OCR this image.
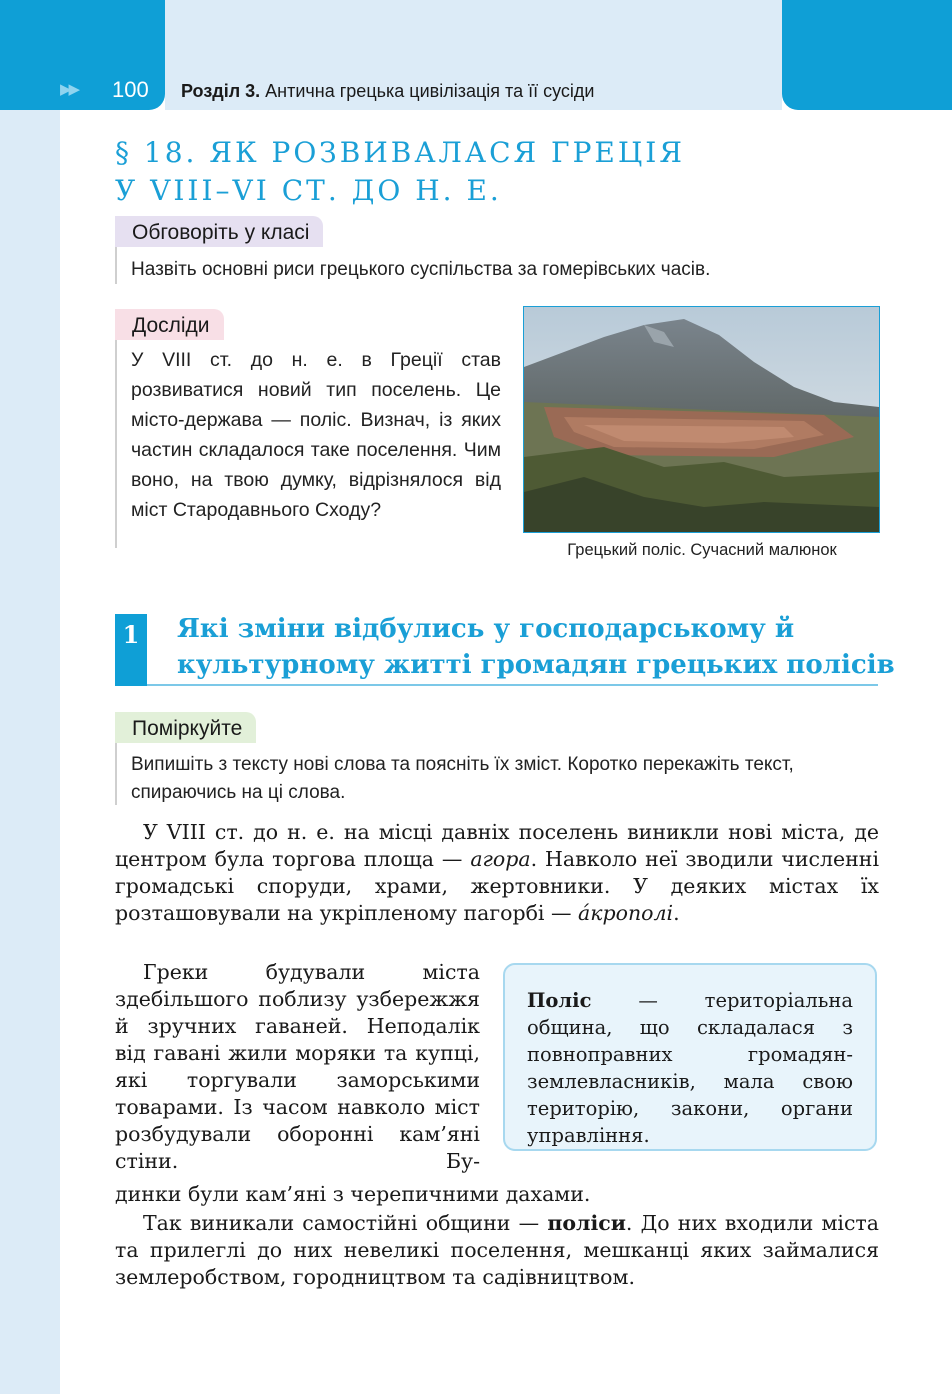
▶▶ 100 Розділ 3. Антична грецька цивілізація та її сусіди
§ 18. ЯК РОЗВИВАЛАСЯ ГРЕЦІЯ
У VIII–VI СТ. ДО Н. Е.
Обговоріть у класі
Назвіть основні риси грецького суспільства за гомерівських часів.
Досліди
У VIII ст. до н. е. в Греції став розвиватися новий тип поселень. Це місто-держава — поліс. Визнач, із яких частин складалося таке поселення. Чим воно, на твою думку, відрізнялося від міст Стародавнього Сходу?
Грецький поліс. Сучасний малюнок
1 Які зміни відбулись у господарському й культурному житті громадян грецьких полісів
Поміркуйте
Випишіть з тексту нові слова та поясніть їх зміст. Коротко перекажіть текст, спираючись на ці слова.
У VIII ст. до н. е. на місці давніх поселень виникли нові міста, де центром була торгова площа — агора. Навколо неї зводили численні громадські споруди, храми, жертовники. У деяких містах їх розташовували на укріпленому пагорбі — áкрополі.
Греки будували міста здебільшого поблизу узбережжя й зручних гаваней. Неподалік від гавані жили моряки та купці, які торгували заморськими товарами. Із часом навколо міст розбудували оборонні кам’яні стіни. Бу-
динки були кам’яні з черепичними дахами.
Поліс — територіальна община, що складалася з повноправних громадян-землевласників, мала свою територію, закони, органи управління.
Так виникали самостійні общини — поліси. До них входили міста та прилеглі до них невеликі поселення, мешканці яких займалися землеробством, городництвом та садівництвом.
